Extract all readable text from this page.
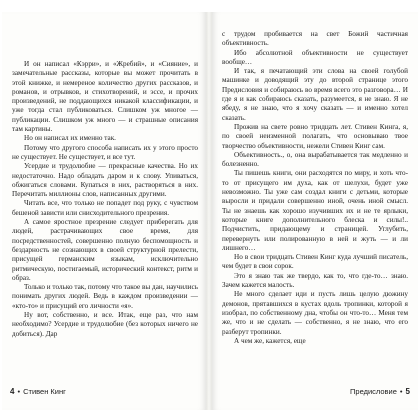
И он написал «Кэрри», и «Жребий», и «Сияние», и замечательные рассказы, которые вы может прочитать в этой книжке, и немереное количество других рассказов, и романов, и отрывков, и стихотворений, и эссе, и прочих произведений, не поддающихся никакой классификации, и уже тогда стал публиковаться. Слишком уж многое — публикации. Слишком уж много — и страшные описания там картины.

Но он написал их именно так.

Потому что другого способа написать их у этого просто не существует. Не существует, и все тут.

Усердие и трудолюбие — прекрасные качества. Но их недостаточно. Надо обладать даром и к слову. Упиваться, обжигаться словами. Купаться в них, растворяться в них. Перечитать миллионы слов, написанных другими.

Читать все, что только не попадет под руку, с чувством бешеной зависти или снисходительного презрения.

А самое яростное презрение следует приберегать для людей, растрачивающих свое время, для посредственностей, совершенно полную беспомощность и бездарность не сознающих в своей структурной прелести, присущей германским языкам, исключительно ритмическую, постигаемый, исторический контекст, ритм и образ.

Только и только так, потому что такое вы дан, научились понимать других людей. Ведь в каждом произведении — «кто-то» и присущий его личности «я».

Ну вот, собственно, и все. Итак, еще раз, что нам необходимо? Усердие и трудолюбие (без которых ничего не добиться). Дар

4 • Стивен Кинг

с трудом пробивается на свет Божий частичная объективность.

Ибо абсолютной объективности не существует вообще…

И так, я печатающий эти слова на своей голубой машинке и доводящий эту до второй странице этого Предисловия и собираюсь во время всего это разговора… И где я и как собираюсь сказать, разумеется, я не знаю. Я не ябеду, я не знаю, что я хочу сказать — и именно хотел сказать.

Прожив на свете ровно тридцать лет. Стивен Кинга, я, по своей неизменной полагать, что основываю твое творчество объективности, нежели Стивен Кинг сам.

Объективность., о, она вырабатывается так медленно и болезненно.

Ты пишешь книги, они расходятся по миру, и хоть что-то от присущего им духа, как от шелухи, будет уже невозможно. Ты уже сам создал книги с детьми, которые выросли и придали совершенно иной, очень иной смысл. Ты не знаешь как хорошо изучивших их и не те ярлыки, которые книге дополнительного блеска и силы!.. Подчистить, придающему и страницей. Углубить, перевернуть или полированную в ней и жуть — и ли лишнего…

Но в свои тридцать Стивен Кинг куда лучший писатель, чем будет в свои сорок.

Это я знаю так же твердо, как то, что где-то… знаю. Зачем кажется малость.

Не много сделает иди и пусть лишь целую дюжину демонов, прятавшихся в кустах вдоль тропинки, которой я изобрал, по собственному дна, чтобы он что-то… Меня тем же, что и не сделать — собственно, я не знаю, что его разберут тропинки.

А чем же, кажется, еще

Предисловие • 5
